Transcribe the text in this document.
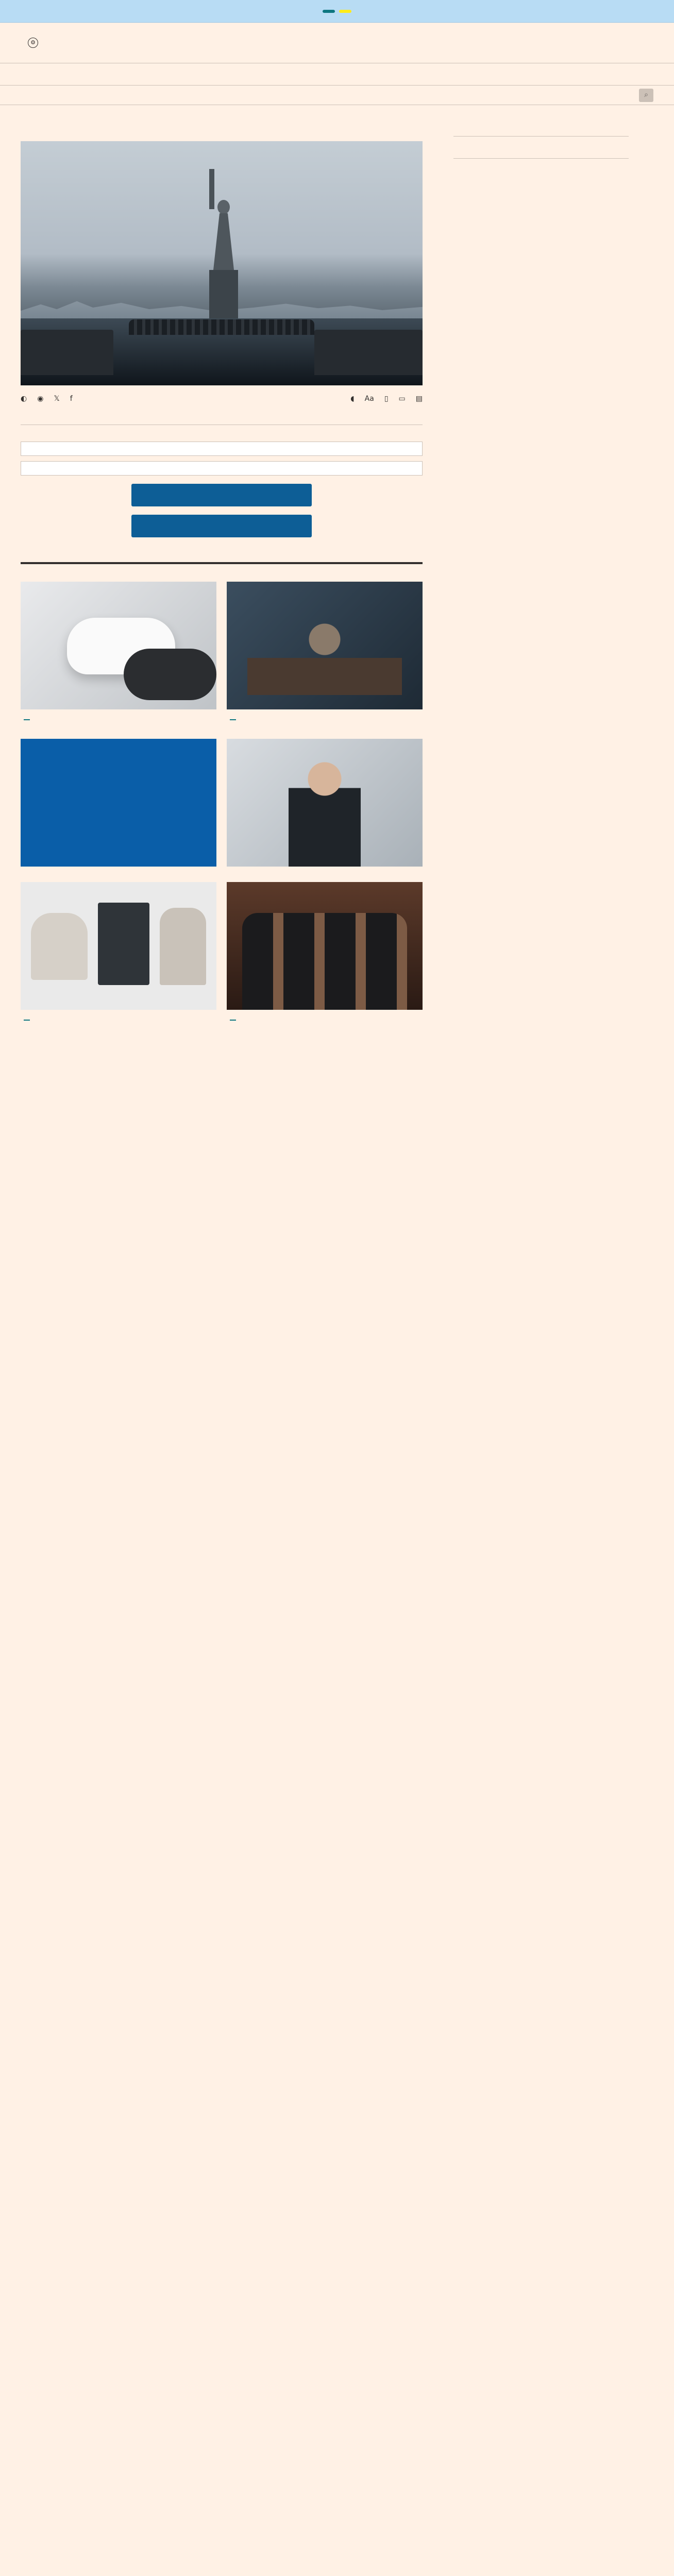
⚙
⌕
◐ ◉ 𝕏 f	◖ Aa ▯ ▭ ▤
